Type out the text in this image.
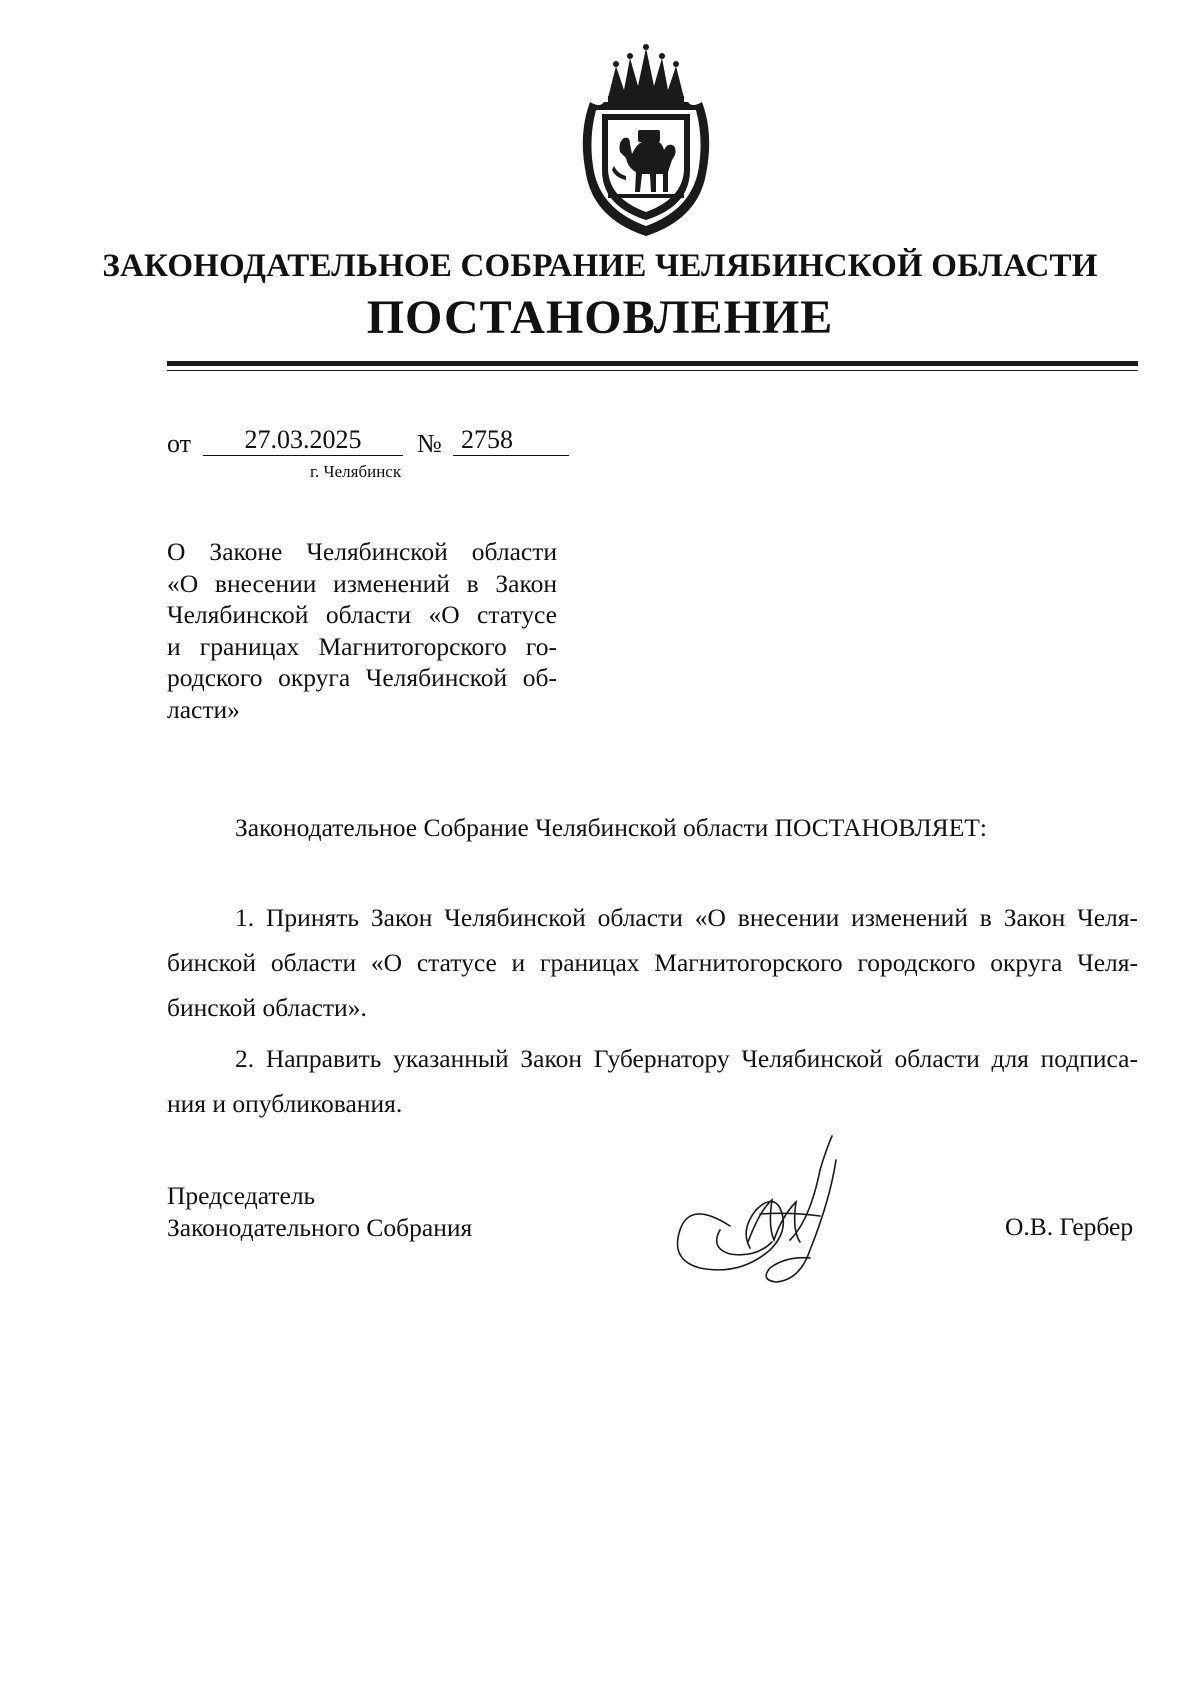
ЗАКОНОДАТЕЛЬНОЕ СОБРАНИЕ ЧЕЛЯБИНСКОЙ ОБЛАСТИ
ПОСТАНОВЛЕНИЕ
от	27.03.2025	№ 2758
г. Челябинск
О Законе Челябинской области
«О внесении изменений в Закон
Челябинской области «О статусе
и границах Магнитогорского го-
родского округа Челябинской об-
ласти»
Законодательное Собрание Челябинской области ПОСТАНОВЛЯЕТ:
1. Принять Закон Челябинской области «О внесении изменений в Закон Челя-
бинской области «О статусе и границах Магнитогорского городского округа Челя-
бинской области».
2. Направить указанный Закон Губернатору Челябинской области для подписа-
ния и опубликования.
Председатель
Законодательного Собрания	О.В. Гербер
